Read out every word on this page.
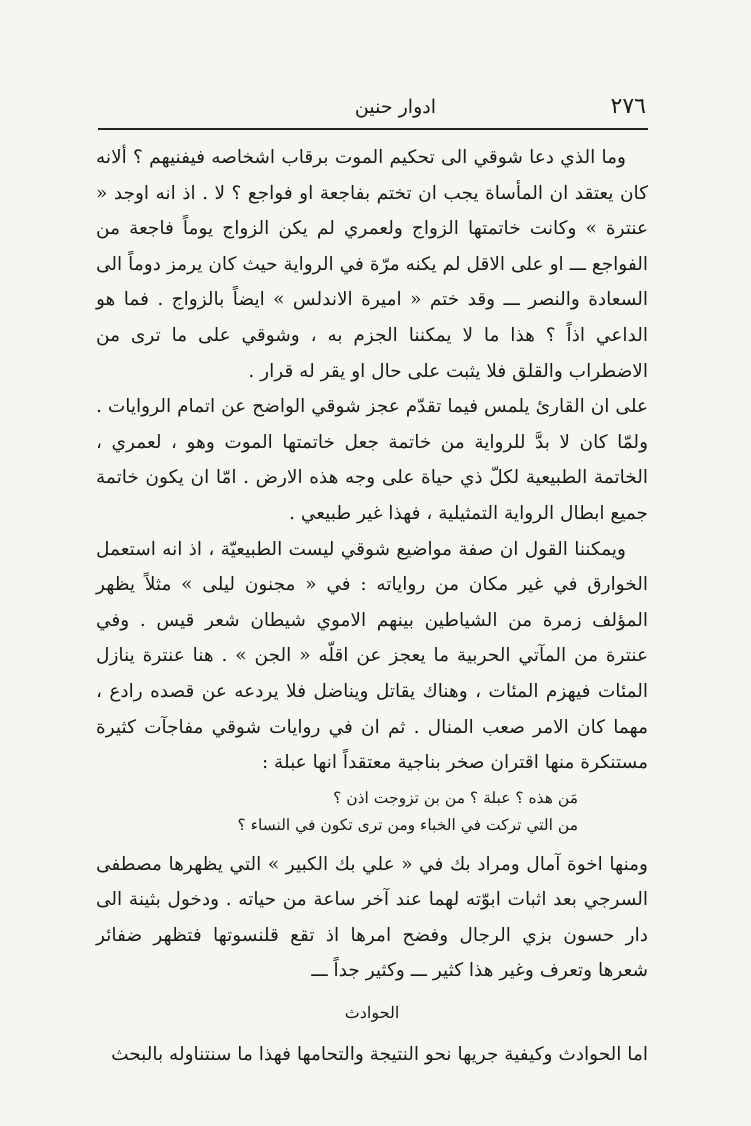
٢٧٦
ادوار حنين

وما الذي دعا شوقي الى تحكيم الموت برقاب اشخاصه فيفنيهم ؟ ألانه كان يعتقد ان المأساة يجب ان تختم بفاجعة او فواجع ؟ لا . اذ انه اوجد « عنترة » وكانت خاتمتها الزواج ولعمري لم يكن الزواج يوماً فاجعة من الفواجع ـــ او على الاقل لم يكنه مرّة في الرواية حيث كان يرمز دوماً الى السعادة والنصر ـــ وقد ختم « اميرة الاندلس » ايضاً بالزواج . فما هو الداعي اذاً ؟ هذا ما لا يمكننا الجزم به ، وشوقي على ما ترى من الاضطراب والقلق فلا يثبت على حال او يقر له قرار .

على ان القارئ يلمس فيما تقدّم عجز شوقي الواضح عن اتمام الروايات . ولمّا كان لا بدَّ للرواية من خاتمة جعل خاتمتها الموت وهو ، لعمري ، الخاتمة الطبيعية لكلّ ذي حياة على وجه هذه الارض . امّا ان يكون خاتمة جميع ابطال الرواية التمثيلية ، فهذا غير طبيعي .

ويمكننا القول ان صفة مواضيع شوقي ليست الطبيعيّة ، اذ انه استعمل الخوارق في غير مكان من رواياته : في « مجنون ليلى » مثلاً يظهر المؤلف زمرة من الشياطين بينهم الاموي شيطان شعر قيس . وفي عنترة من المآتي الحربية ما يعجز عن اقلّه « الجن » . هنا عنترة ينازل المئات فيهزم المئات ، وهناك يقاتل ويناضل فلا يردعه عن قصده رادع ، مهما كان الامر صعب المنال . ثم ان في روايات شوقي مفاجآت كثيرة مستنكرة منها اقتران صخر بناجية معتقداً انها عبلة :

مَن هذه ؟ عبلة ؟ من بن تزوجت اذن ؟
من التي تركت في الخباء ومن ترى تكون في النساء ؟

ومنها اخوة آمال ومراد بك في « علي بك الكبير » التي يظهرها مصطفى السرجي بعد اثبات ابوّته لهما عند آخر ساعة من حياته . ودخول بثينة الى دار حسون بزي الرجال وفضح امرها اذ تقع قلنسوتها فتظهر ضفائر شعرها وتعرف وغير هذا كثير ـــ وكثير جداً ـــ

الحوادث

اما الحوادث وكيفية جريها نحو النتيجة والتحامها فهذا ما سنتناوله بالبحث
